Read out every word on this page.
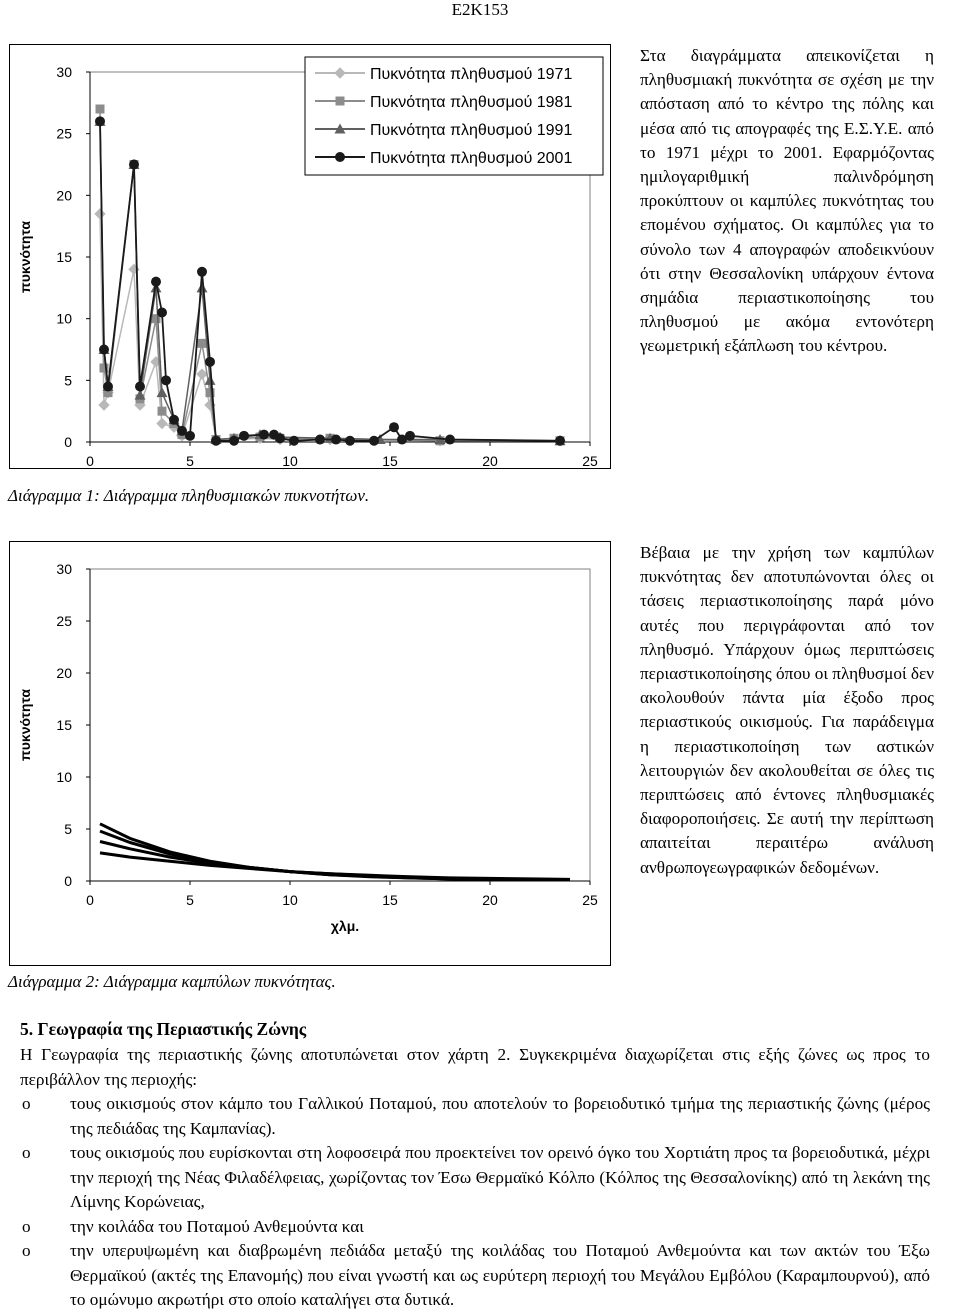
E2K153
0	5	10	15	20	25
0
5
10
15
20
25
30
πυκνότητα
Πυκνότητα πληθυσμού 1971
Πυκνότητα πληθυσμού 1981
Πυκνότητα πληθυσμού 1991
Πυκνότητα πληθυσμού 2001
Στα διαγράμματα απεικονίζεται η πληθυσμιακή πυκνότητα σε σχέση με την απόσταση από το κέντρο της πόλης και μέσα από τις απογραφές της Ε.Σ.Υ.Ε. από το 1971 μέχρι το 2001. Εφαρμόζοντας ημιλογαριθμική παλινδρόμηση προκύπτουν οι καμπύλες πυκνότητας του επομένου σχήματος. Οι καμπύλες για το σύνολο των 4 απογραφών αποδεικνύουν ότι στην Θεσσαλονίκη υπάρχουν έντονα σημάδια περιαστικοποίησης του πληθυσμού με ακόμα εντονότερη γεωμετρική εξάπλωση του κέντρου.
Διάγραμμα 1: Διάγραμμα πληθυσμιακών πυκνοτήτων.
0	5	10	15	20	25
0
5
10
15
20
25
30
χλμ.
πυκνότητα
Διάγραμμα 2: Διάγραμμα καμπύλων πυκνότητας.
Βέβαια με την χρήση των καμπύλων πυκνότητας δεν αποτυπώνονται όλες οι τάσεις περιαστικοποίησης παρά μόνο αυτές που περιγράφονται από τον πληθυσμό. Υπάρχουν όμως περιπτώσεις περιαστικοποίησης όπου οι πληθυσμοί δεν ακολουθούν πάντα μία έξοδο προς περιαστικούς οικισμούς. Για παράδειγμα η περιαστικοποίηση των αστικών λειτουργιών δεν ακολουθείται σε όλες τις περιπτώσεις από έντονες πληθυσμιακές διαφοροποιήσεις. Σε αυτή την περίπτωση απαιτείται περαιτέρω ανάλυση ανθρωπογεωγραφικών δεδομένων.
5. Γεωγραφία της Περιαστικής Ζώνης
Η Γεωγραφία της περιαστικής ζώνης αποτυπώνεται στον χάρτη 2. Συγκεκριμένα διαχωρίζεται στις εξής ζώνες ως προς το περιβάλλον της περιοχής:
o τους οικισμούς στον κάμπο του Γαλλικού Ποταμού, που αποτελούν το βορειοδυτικό τμήμα της περιαστικής ζώνης (μέρος της πεδιάδας της Καμπανίας).
o τους οικισμούς που ευρίσκονται στη λοφοσειρά που προεκτείνει τον ορεινό όγκο του Χορτιάτη προς τα βορειοδυτικά, μέχρι την περιοχή της Νέας Φιλαδέλφειας, χωρίζοντας τον Έσω Θερμαϊκό Κόλπο (Κόλπος της Θεσσαλονίκης) από τη λεκάνη της Λίμνης Κορώνειας,
o την κοιλάδα του Ποταμού Ανθεμούντα και
o την υπερυψωμένη και διαβρωμένη πεδιάδα μεταξύ της κοιλάδας του Ποταμού Ανθεμούντα και των ακτών του Έξω Θερμαϊκού (ακτές της Επανομής) που είναι γνωστή και ως ευρύτερη περιοχή του Μεγάλου Εμβόλου (Καραμπουρνού), από το ομώνυμο ακρωτήρι στο οποίο καταλήγει στα δυτικά.
